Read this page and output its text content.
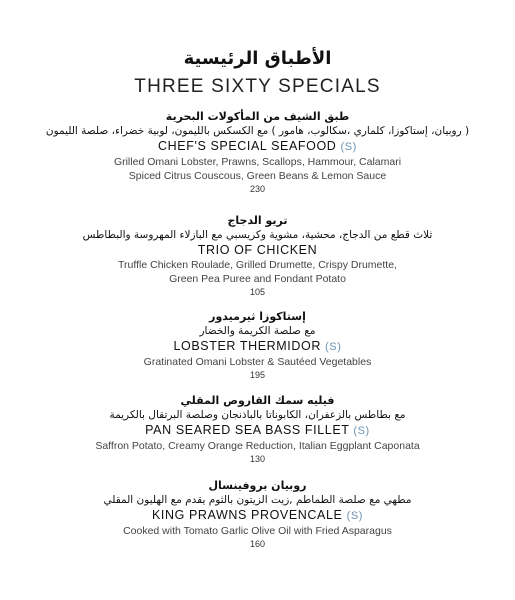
الأطباق الرئيسية
THREE SIXTY SPECIALS
طبق الشيف من المأكولات البحرية
( روبيان، إستاكوزا، كلماري ،سكالوب، هامور ) مع الكسكس بالليمون، لوبية خضراء، صلصة الليمون
CHEF'S SPECIAL SEAFOOD (S)
Grilled Omani Lobster, Prawns, Scallops, Hammour, Calamari
Spiced Citrus Couscous, Green Beans & Lemon Sauce
230
تريو الدجاج
ثلاث قطع من الدجاج، محشية، مشوية وكريسبي مع البازلاء المهروسة والبطاطس
TRIO OF CHICKEN
Truffle Chicken Roulade, Grilled Drumette, Crispy Drumette,
Green Pea Puree and Fondant Potato
105
إستاكوزا ثيرميدور
مع صلصة الكريمة والخضار
LOBSTER THERMIDOR (S)
Gratinated Omani Lobster & Sautéed Vegetables
195
فيليه سمك القاروص المقلي
مع بطاطس بالزعفران، الكابوناتا بالباذنجان وصلصة البرتقال بالكريمة
PAN SEARED SEA BASS FILLET (S)
Saffron Potato, Creamy Orange Reduction, Italian Eggplant Caponata
130
روبيان بروفينسال
مطهي مع صلصة الطماطم ,زيت الزيتون بالثوم يقدم مع الهليون المقلي
KING PRAWNS PROVENCALE (S)
Cooked with Tomato Garlic Olive Oil with Fried Asparagus
160
